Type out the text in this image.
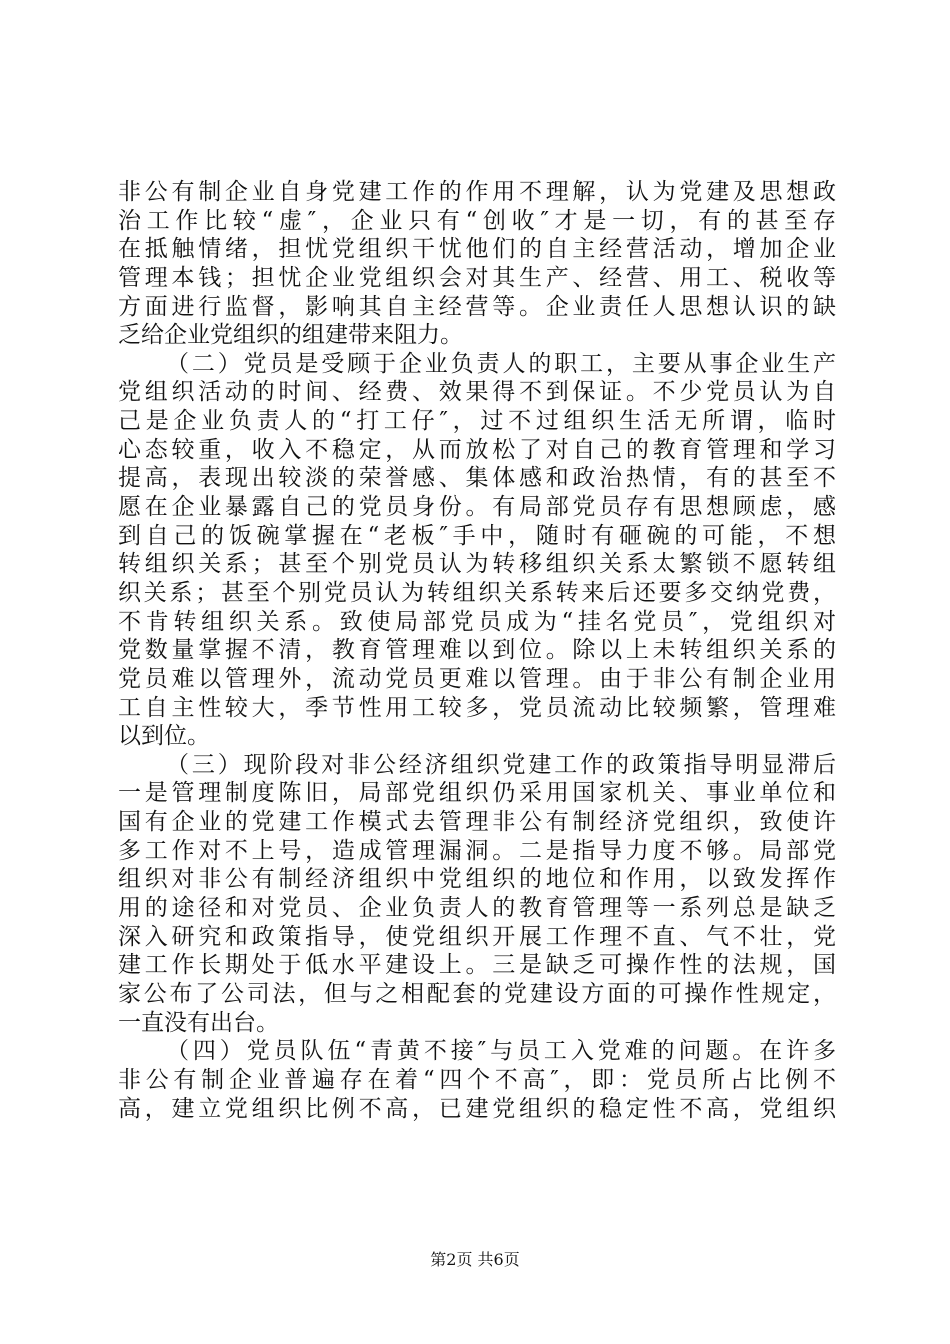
非公有制企业自身党建工作的作用不理解，认为党建及思想政
治工作比较“虚″，企业只有“创收″才是一切，有的甚至存
在抵触情绪，担忧党组织干忧他们的自主经营活动，增加企业
管理本钱；担忧企业党组织会对其生产、经营、用工、税收等
方面进行监督，影响其自主经营等。企业责任人思想认识的缺
乏给企业党组织的组建带来阻力。
（二）党员是受顾于企业负责人的职工，主要从事企业生产
党组织活动的时间、经费、效果得不到保证。不少党员认为自
己是企业负责人的“打工仔″，过不过组织生活无所谓，临时
心态较重，收入不稳定，从而放松了对自己的教育管理和学习
提高，表现出较淡的荣誉感、集体感和政治热情，有的甚至不
愿在企业暴露自己的党员身份。有局部党员存有思想顾虑，感
到自己的饭碗掌握在“老板″手中，随时有砸碗的可能，不想
转组织关系；甚至个别党员认为转移组织关系太繁锁不愿转组
织关系；甚至个别党员认为转组织关系转来后还要多交纳党费，
不肯转组织关系。致使局部党员成为“挂名党员″，党组织对
党数量掌握不清，教育管理难以到位。除以上未转组织关系的
党员难以管理外，流动党员更难以管理。由于非公有制企业用
工自主性较大，季节性用工较多，党员流动比较频繁，管理难
以到位。
（三）现阶段对非公经济组织党建工作的政策指导明显滞后
一是管理制度陈旧，局部党组织仍采用国家机关、事业单位和
国有企业的党建工作模式去管理非公有制经济党组织，致使许
多工作对不上号，造成管理漏洞。二是指导力度不够。局部党
组织对非公有制经济组织中党组织的地位和作用，以致发挥作
用的途径和对党员、企业负责人的教育管理等一系列总是缺乏
深入研究和政策指导，使党组织开展工作理不直、气不壮，党
建工作长期处于低水平建设上。三是缺乏可操作性的法规，国
家公布了公司法，但与之相配套的党建设方面的可操作性规定，
一直没有出台。
（四）党员队伍“青黄不接″与员工入党难的问题。在许多
非公有制企业普遍存在着“四个不高″，即：党员所占比例不
高，建立党组织比例不高，已建党组织的稳定性不高，党组织
第2页 共6页
